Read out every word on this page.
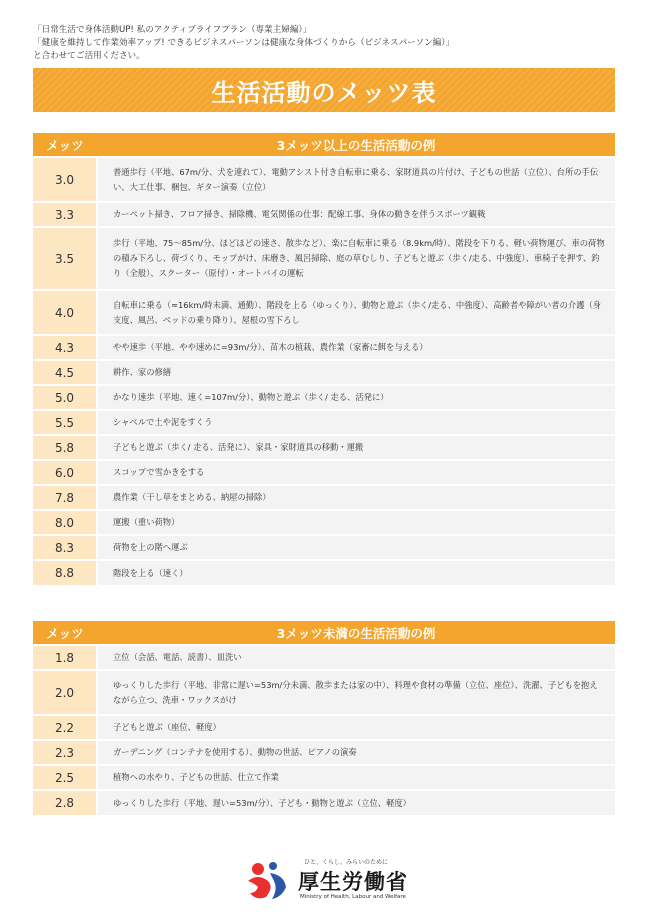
「日常生活で身体活動UP! 私のアクティブライフプラン（専業主婦編）」
「健康を維持して作業効率アップ! できるビジネスパーソンは健康な身体づくりから（ビジネスパーソン編）」
と合わせてご活用ください。
生活活動のメッツ表
メッツ	3メッツ以上の生活活動の例
3.0	普通歩行（平地、67m/分、犬を連れて）、電動アシスト付き自転車に乗る、家財道具の片付け、子どもの世話（立位）、台所の手伝い、大工仕事、梱包、ギター演奏（立位）
3.3	カーペット掃き、フロア掃き、掃除機、電気関係の仕事：配線工事、身体の動きを伴うスポーツ観戦
3.5	歩行（平地、75～85m/分、ほどほどの速さ、散歩など）、楽に自転車に乗る（8.9km/時）、階段を下りる、軽い荷物運び、車の荷物の積み下ろし、荷づくり、モップがけ、床磨き、風呂掃除、庭の草むしり、子どもと遊ぶ（歩く/走る、中強度）、車椅子を押す、釣り（全般）、スクーター（原付）・オートバイの運転
4.0	自転車に乗る（≈16km/時未満、通勤）、階段を上る（ゆっくり）、動物と遊ぶ（歩く/走る、中強度）、高齢者や障がい者の介護（身支度、風呂、ベッドの乗り降り）、屋根の雪下ろし
4.3	やや速歩（平地、やや速めに=93m/分）、苗木の植栽、農作業（家畜に餌を与える）
4.5	耕作、家の修繕
5.0	かなり速歩（平地、速く=107m/分）、動物と遊ぶ（歩く/ 走る、活発に）
5.5	シャベルで土や泥をすくう
5.8	子どもと遊ぶ（歩く/ 走る、活発に）、家具・家財道具の移動・運搬
6.0	スコップで雪かきをする
7.8	農作業（干し草をまとめる、納屋の掃除）
8.0	運搬（重い荷物）
8.3	荷物を上の階へ運ぶ
8.8	階段を上る（速く）
メッツ	3メッツ未満の生活活動の例
1.8	立位（会話、電話、読書）、皿洗い
2.0	ゆっくりした歩行（平地、非常に遅い=53m/分未満、散歩または家の中）、料理や食材の準備（立位、座位）、洗濯、子どもを抱えながら立つ、洗車・ワックスがけ
2.2	子どもと遊ぶ（座位、軽度）
2.3	ガーデニング（コンテナを使用する）、動物の世話、ピアノの演奏
2.5	植物への水やり、子どもの世話、仕立て作業
2.8	ゆっくりした歩行（平地、遅い=53m/分）、子ども・動物と遊ぶ（立位、軽度）
ひと、くらし、みらいのために
厚生労働省
Ministry of Health, Labour and Welfare
